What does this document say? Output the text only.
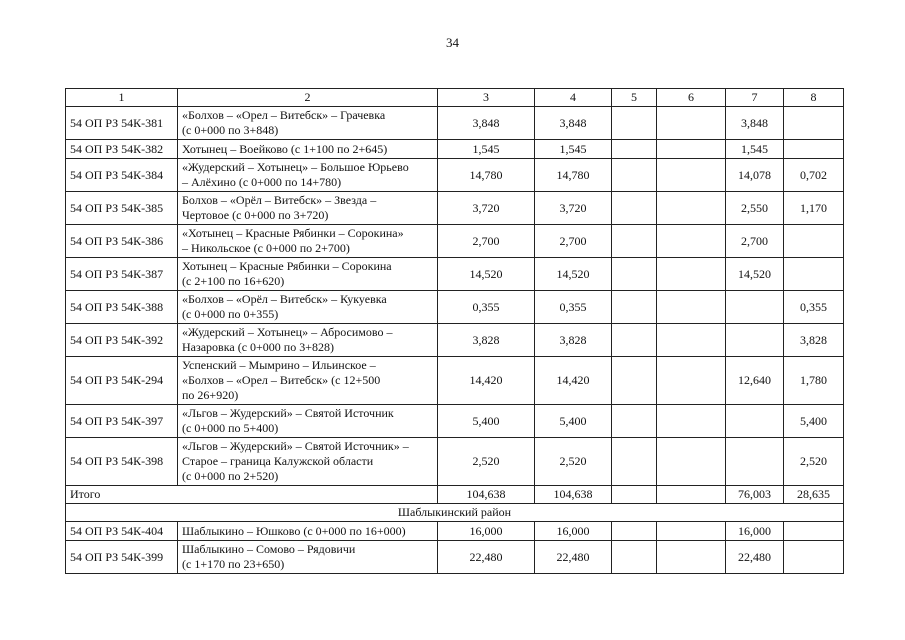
34
1	2	3	4	5	6	7	8
54 ОП РЗ 54К-381	«Болхов – «Орел – Витебск» – Грачевка
(с 0+000 по 3+848)	3,848	3,848			3,848	
54 ОП РЗ 54К-382	Хотынец – Воейково (с 1+100 по 2+645)	1,545	1,545			1,545	
54 ОП РЗ 54К-384	«Жудерский – Хотынец» – Большое Юрьево
– Алёхино (с 0+000 по 14+780)	14,780	14,780			14,078	0,702
54 ОП РЗ 54К-385	Болхов – «Орёл – Витебск» – Звезда –
Чертовое (с 0+000 по 3+720)	3,720	3,720			2,550	1,170
54 ОП РЗ 54К-386	«Хотынец – Красные Рябинки – Сорокина»
– Никольское (с 0+000 по 2+700)	2,700	2,700			2,700	
54 ОП РЗ 54К-387	Хотынец – Красные Рябинки – Сорокина
(с 2+100 по 16+620)	14,520	14,520			14,520	
54 ОП РЗ 54К-388	«Болхов – «Орёл – Витебск» – Кукуевка
(с 0+000 по 0+355)	0,355	0,355				0,355
54 ОП РЗ 54К-392	«Жудерский – Хотынец» – Абросимово –
Назаровка (с 0+000 по 3+828)	3,828	3,828				3,828
54 ОП РЗ 54К-294	Успенский – Мымрино – Ильинское –
«Болхов – «Орел – Витебск» (с 12+500
по 26+920)	14,420	14,420			12,640	1,780
54 ОП РЗ 54К-397	«Льгов – Жудерский» – Святой Источник
(с 0+000 по 5+400)	5,400	5,400				5,400
54 ОП РЗ 54К-398	«Льгов – Жудерский» – Святой Источник» –
Старое – граница Калужской области
(с 0+000 по 2+520)	2,520	2,520				2,520
Итого		104,638	104,638			76,003	28,635
Шаблыкинский район							
54 ОП РЗ 54К-404	Шаблыкино – Юшково (с 0+000 по 16+000)	16,000	16,000			16,000	
54 ОП РЗ 54К-399	Шаблыкино – Сомово – Рядовичи
(с 1+170 по 23+650)	22,480	22,480			22,480	
